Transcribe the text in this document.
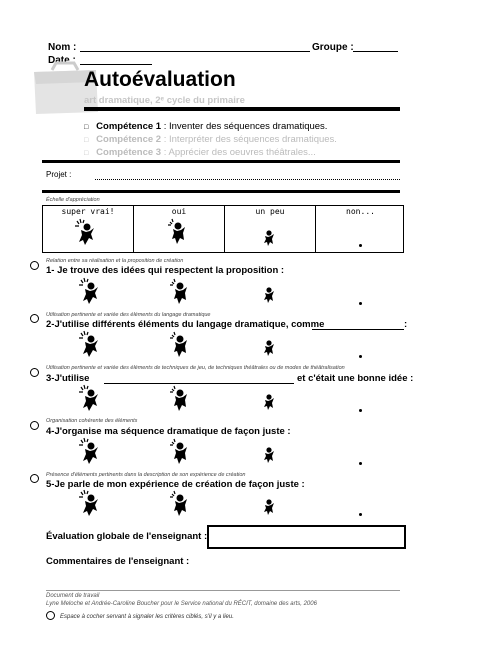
Nom :	Groupe :
Date :
Autoévaluation
art dramatique, 2ᵉ cycle du primaire
□ Compétence 1 : Inventer des séquences dramatiques.
□ Compétence 2 : Interpréter des séquences dramatiques.
□ Compétence 3 : Apprécier des oeuvres théâtrales...
Projet :
Échelle d'appréciation
super vrai!	oui	un peu	non...
Relation entre sa réalisation et la proposition de création
1- Je trouve des idées qui respectent la proposition :
Utilisation pertinente et variée des éléments du langage dramatique
2-J'utilise différents éléments du langage dramatique, comme	:
Utilisation pertinente et variée des éléments de techniques de jeu, de techniques théâtrales ou de modes de théâtralisation
3-J'utilise	et c'était une bonne idée :
Organisation cohérente des éléments
4-J'organise ma séquence dramatique de façon juste :
Présence d'éléments pertinents dans la description de son expérience de création
5-Je parle de mon expérience de création de façon juste :
Évaluation globale de l'enseignant :
Commentaires de l'enseignant :
Document de travail
Lyne Meloche et Andrée-Caroline Boucher pour le Service national du RÉCIT, domaine des arts, 2006
Espace à cocher servant à signaler les critères ciblés, s'il y a lieu.
